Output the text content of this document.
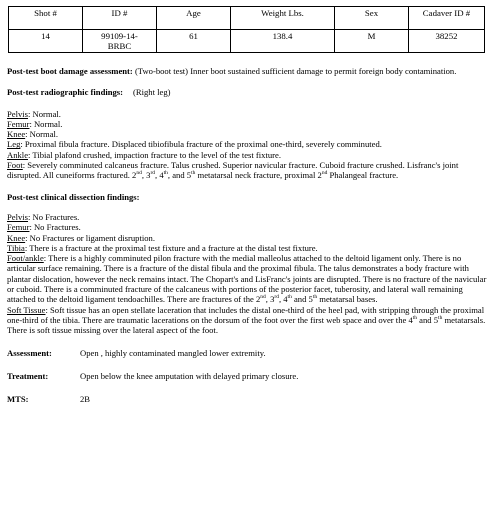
Shot #	ID #	Age	Weight Lbs.	Sex	Cadaver ID #
14	99109-14-BRBC	61	138.4	M	38252

Post-test boot damage assessment: (Two-boot test) Inner boot sustained sufficient damage to permit foreign body contamination.

Post-test radiographic findings: (Right leg)

Pelvis: Normal.
Femur: Normal.
Knee: Normal.
Leg: Proximal fibula fracture. Displaced tibiofibula fracture of the proximal one-third, severely comminuted.
Ankle: Tibial plafond crushed, impaction fracture to the level of the test fixture.
Foot: Severely comminuted calcaneus fracture. Talus crushed. Superior navicular fracture. Cuboid fracture crushed. Lisfranc's joint disrupted. All cuneiforms fractured. 2nd, 3rd, 4th, and 5th metatarsal neck fracture, proximal 2nd Phalangeal fracture.

Post-test clinical dissection findings:

Pelvis: No Fractures.
Femur: No Fractures.
Knee: No Fractures or ligament disruption.
Tibia: There is a fracture at the proximal test fixture and a fracture at the distal test fixture.
Foot/ankle: There is a highly comminuted pilon fracture with the medial malleolus attached to the deltoid ligament only. There is no articular surface remaining. There is a fracture of the distal fibula and the proximal fibula. The talus demonstrates a body fracture with plantar dislocation, however the neck remains intact. The Chopart's and LisFranc's joints are disrupted. There is no fracture of the navicular or cuboid. There is a comminuted fracture of the calcaneus with portions of the posterior facet, tuberosity, and lateral wall remaining attached to the deltoid ligament tendoachilles. There are fractures of the 2nd, 3rd, 4th and 5th metatarsal bases.
Soft Tissue: Soft tissue has an open stellate laceration that includes the distal one-third of the heel pad, with stripping through the proximal one-third of the tibia. There are traumatic lacerations on the dorsum of the foot over the first web space and over the 4th and 5th metatarsals. There is soft tissue missing over the lateral aspect of the foot.
Assessment:	Open , highly contaminated mangled lower extremity.
Treatment:	Open below the knee amputation with delayed primary closure.
MTS:	2B
